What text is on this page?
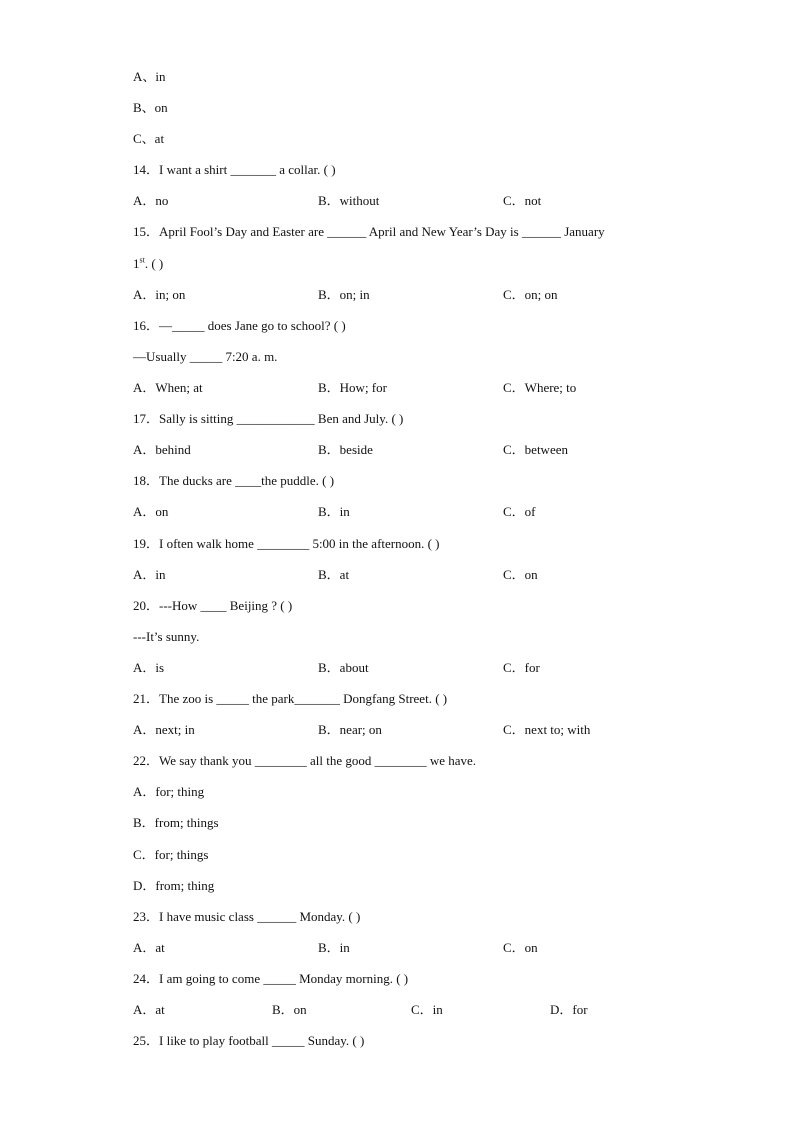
A、in
B、on
C、at
14．I want a shirt _______ a collar. ( )
A．no	B．without	C．not
15．April Fool’s Day and Easter are ______ April and New Year’s Day is ______ January
1st. ( )
A．in; on	B．on; in	C．on; on
16．—_____ does Jane go to school? ( )
—Usually _____ 7:20 a. m.
A．When; at	B．How; for	C．Where; to
17．Sally is sitting ____________ Ben and July. ( )
A．behind	B．beside	C．between
18．The ducks are ____the puddle. ( )
A．on	B．in	C．of
19．I often walk home ________ 5:00 in the afternoon. ( )
A．in	B．at	C．on
20．---How ____ Beijing ? ( )
---It’s sunny.
A．is	B．about	C．for
21．The zoo is _____ the park_______ Dongfang Street. ( )
A．next; in	B．near; on	C．next to; with
22．We say thank you ________ all the good ________ we have.
A．for; thing
B．from; things
C．for; things
D．from; thing
23．I have music class ______ Monday. ( )
A．at	B．in	C．on
24．I am going to come _____ Monday morning. ( )
A．at	B．on	C．in	D．for
25．I like to play football _____ Sunday. ( )
